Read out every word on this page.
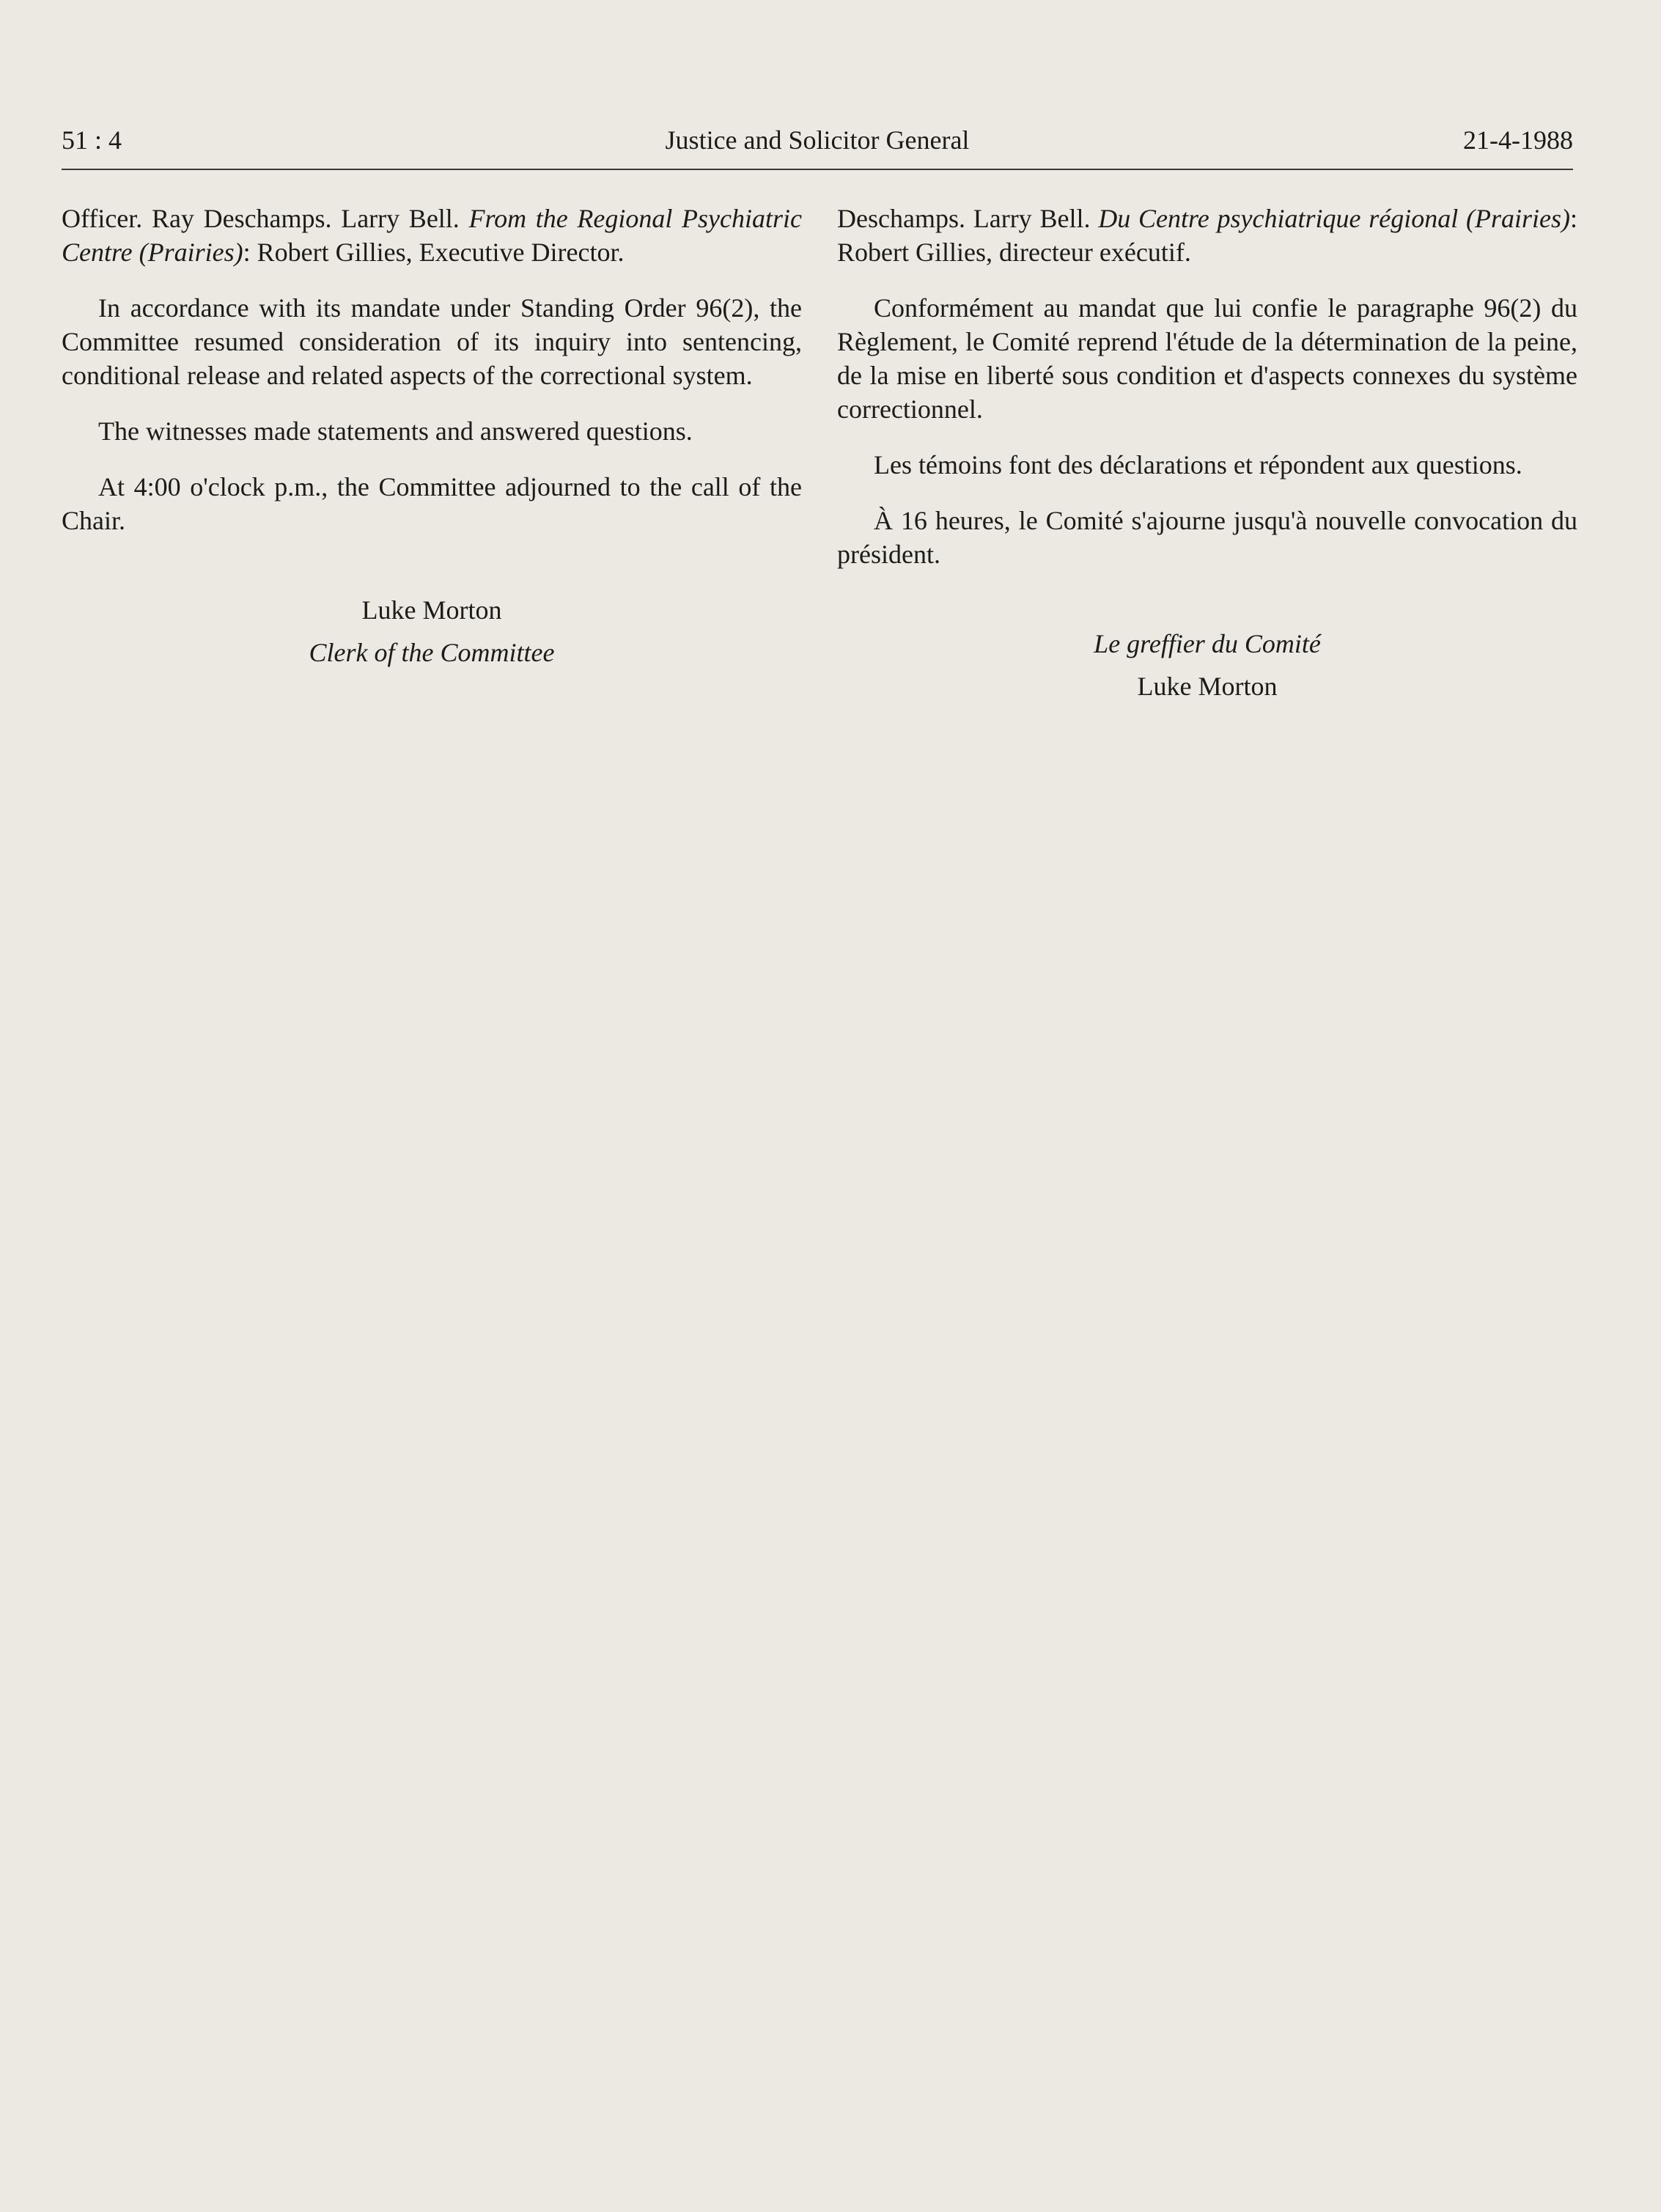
51 : 4	Justice and Solicitor General	21-4-1988

Officer. Ray Deschamps. Larry Bell. From the Regional Psychiatric Centre (Prairies): Robert Gillies, Executive Director.

In accordance with its mandate under Standing Order 96(2), the Committee resumed consideration of its inquiry into sentencing, conditional release and related aspects of the correctional system.

The witnesses made statements and answered questions.

At 4:00 o'clock p.m., the Committee adjourned to the call of the Chair.

Luke Morton
Clerk of the Committee

Deschamps. Larry Bell. Du Centre psychiatrique régional (Prairies): Robert Gillies, directeur exécutif.

Conformément au mandat que lui confie le paragraphe 96(2) du Règlement, le Comité reprend l'étude de la détermination de la peine, de la mise en liberté sous condition et d'aspects connexes du système correctionnel.

Les témoins font des déclarations et répondent aux questions.

À 16 heures, le Comité s'ajourne jusqu'à nouvelle convocation du président.

Le greffier du Comité
Luke Morton
